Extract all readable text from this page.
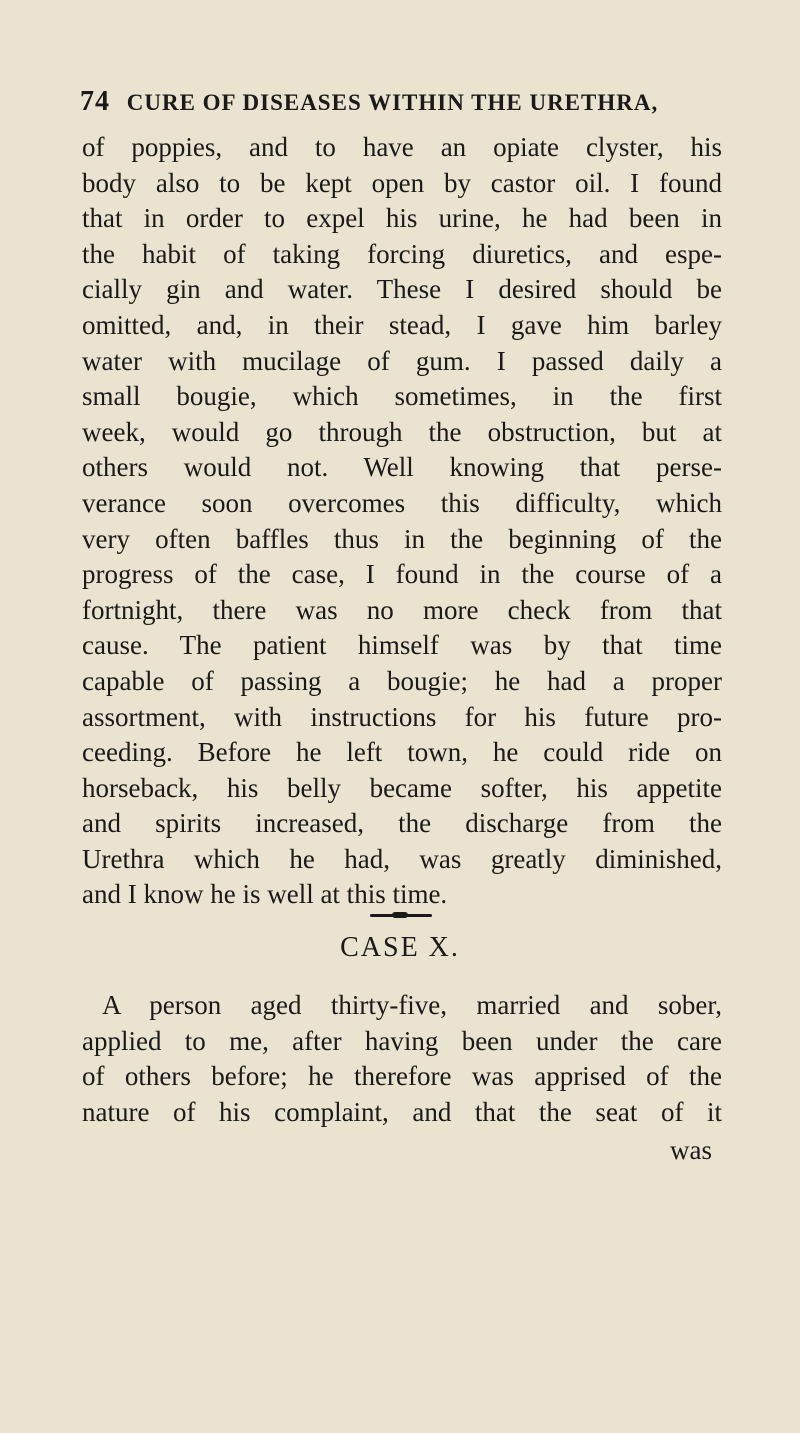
74 CURE OF DISEASES WITHIN THE URETHRA,
of poppies, and to have an opiate clyster, his
body also to be kept open by castor oil. I found
that in order to expel his urine, he had been in
the habit of taking forcing diuretics, and espe-
cially gin and water. These I desired should be
omitted, and, in their stead, I gave him barley
water with mucilage of gum. I passed daily a
small bougie, which sometimes, in the first
week, would go through the obstruction, but at
others would not. Well knowing that perse-
verance soon overcomes this difficulty, which
very often baffles thus in the beginning of the
progress of the case, I found in the course of a
fortnight, there was no more check from that
cause. The patient himself was by that time
capable of passing a bougie; he had a proper
assortment, with instructions for his future pro-
ceeding. Before he left town, he could ride on
horseback, his belly became softer, his appetite
and spirits increased, the discharge from the
Urethra which he had, was greatly diminished,
and I know he is well at this time.
CASE X.
A person aged thirty-five, married and sober,
applied to me, after having been under the care
of others before; he therefore was apprised of the
nature of his complaint, and that the seat of it
was
